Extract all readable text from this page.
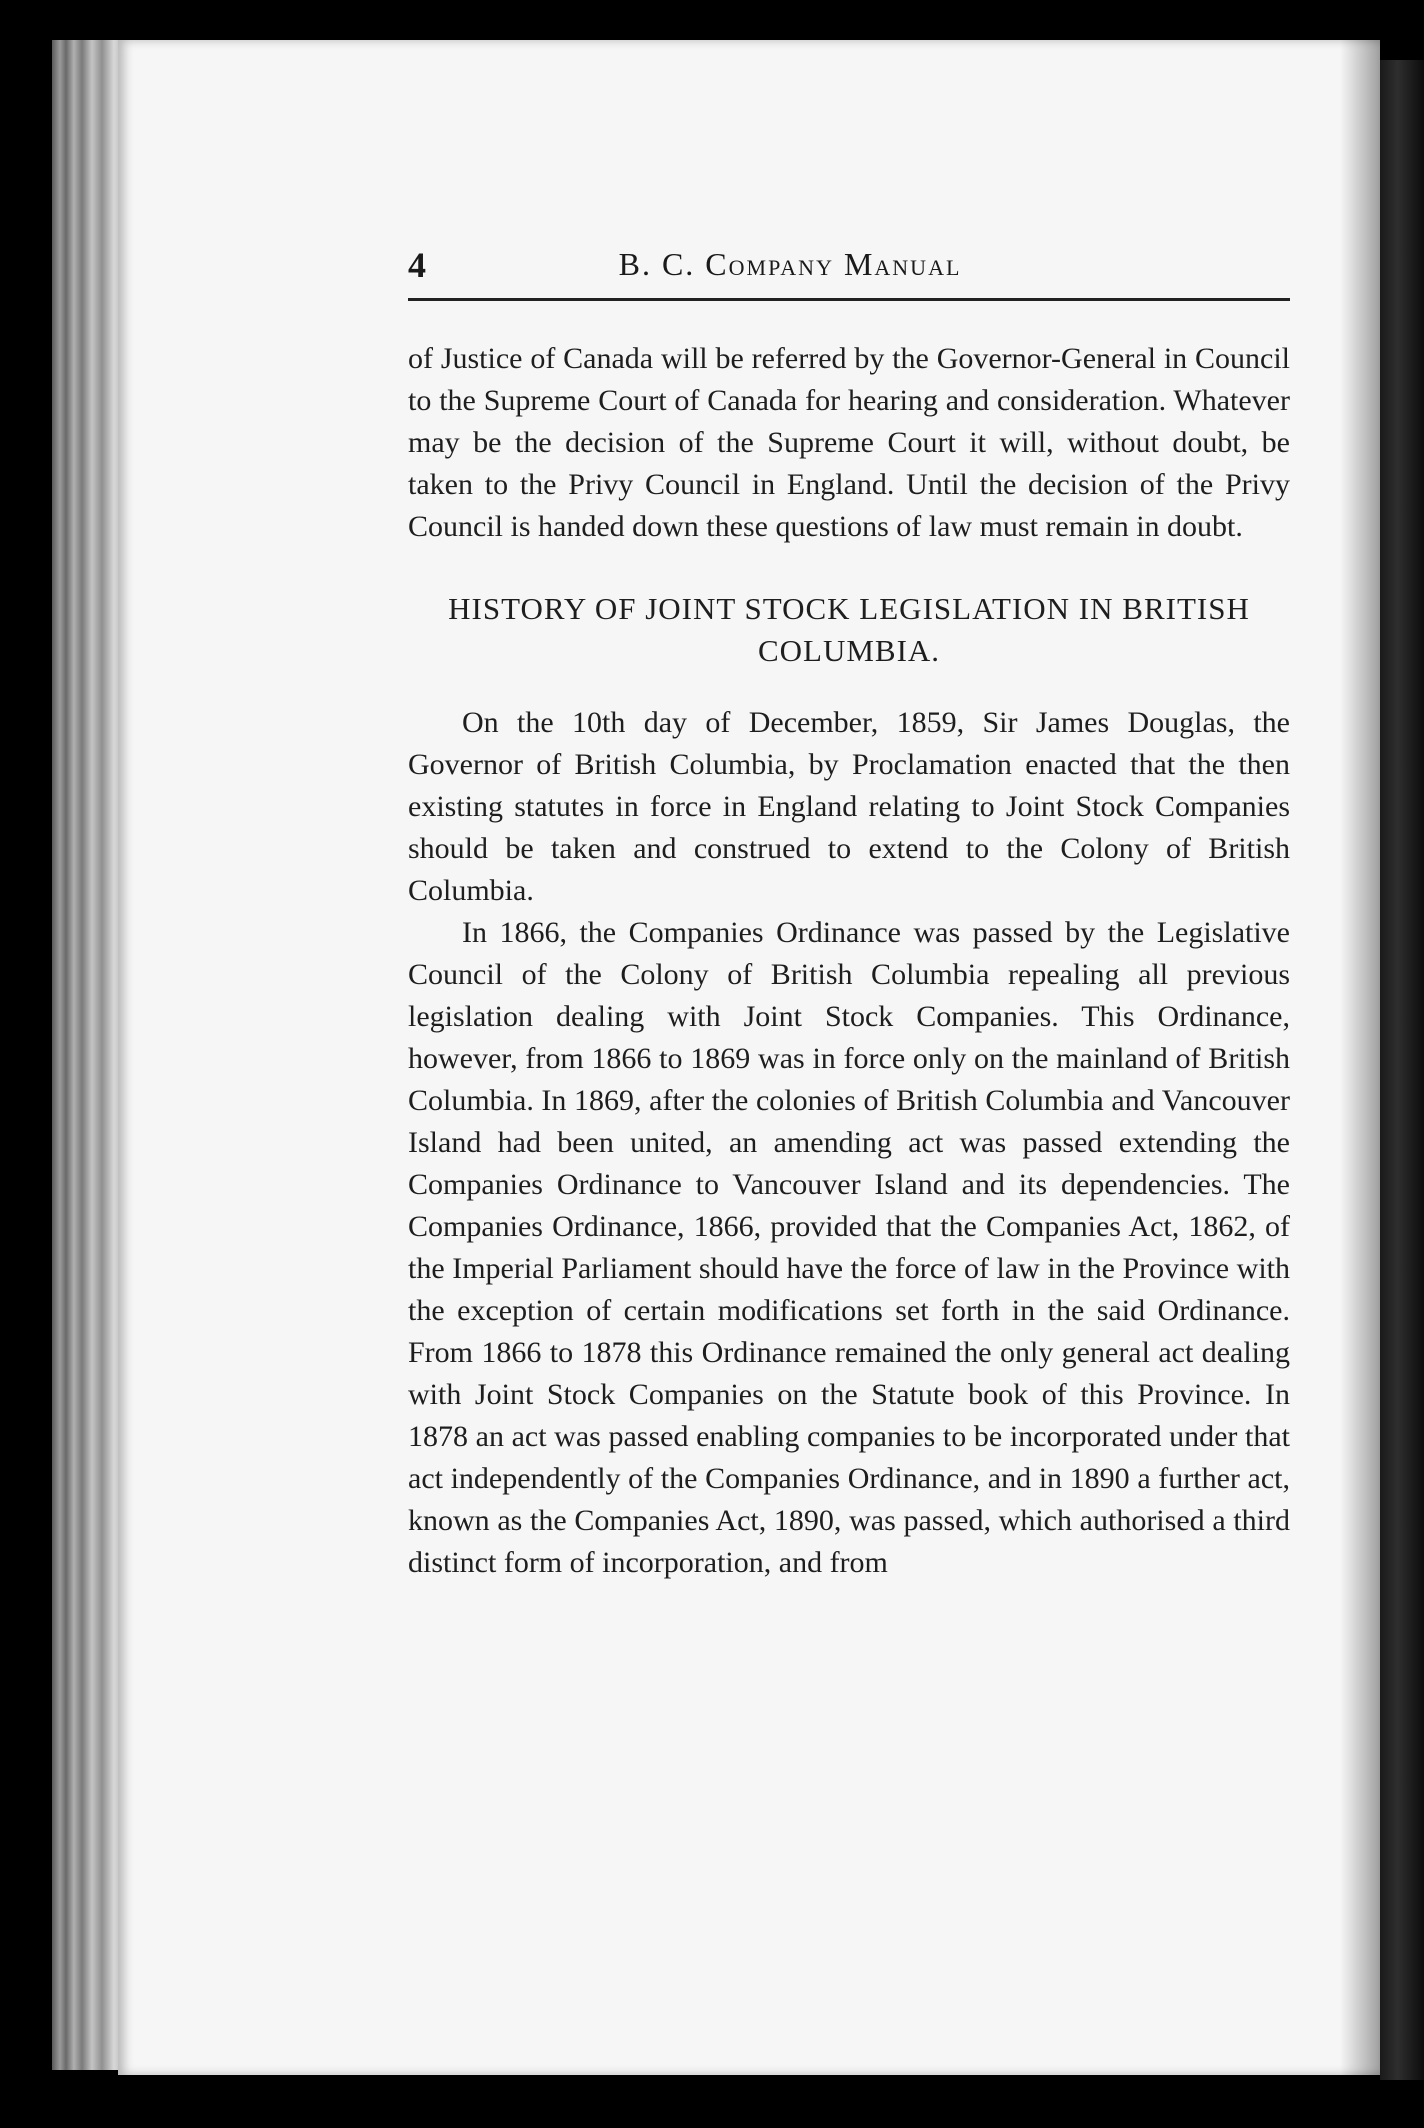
4	B. C. Company Manual

of Justice of Canada will be referred by the Governor-General in Council to the Supreme Court of Canada for hearing and consideration. Whatever may be the decision of the Supreme Court it will, without doubt, be taken to the Privy Council in England. Until the decision of the Privy Council is handed down these questions of law must remain in doubt.

HISTORY OF JOINT STOCK LEGISLATION IN BRITISH COLUMBIA.

On the 10th day of December, 1859, Sir James Douglas, the Governor of British Columbia, by Proclamation enacted that the then existing statutes in force in England relating to Joint Stock Companies should be taken and construed to extend to the Colony of British Columbia.

In 1866, the Companies Ordinance was passed by the Legislative Council of the Colony of British Columbia repealing all previous legislation dealing with Joint Stock Companies. This Ordinance, however, from 1866 to 1869 was in force only on the mainland of British Columbia. In 1869, after the colonies of British Columbia and Vancouver Island had been united, an amending act was passed extending the Companies Ordinance to Vancouver Island and its dependencies. The Companies Ordinance, 1866, provided that the Companies Act, 1862, of the Imperial Parliament should have the force of law in the Province with the exception of certain modifications set forth in the said Ordinance. From 1866 to 1878 this Ordinance remained the only general act dealing with Joint Stock Companies on the Statute book of this Province. In 1878 an act was passed enabling companies to be incorporated under that act independently of the Companies Ordinance, and in 1890 a further act, known as the Companies Act, 1890, was passed, which authorised a third distinct form of incorporation, and from
